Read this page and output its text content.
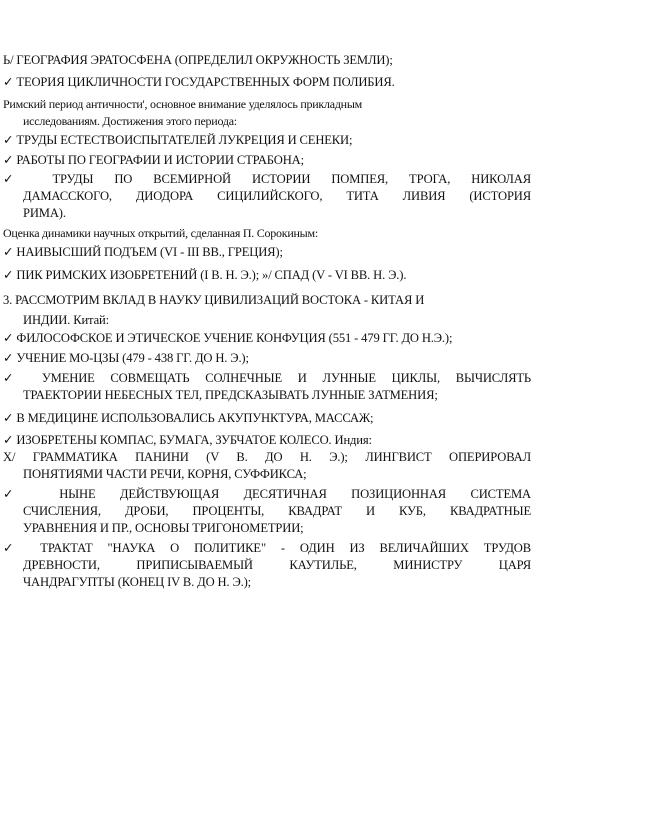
Ь/ ГЕОГРАФИЯ ЭРАТОСФЕНА (ОПРЕДЕЛИЛ ОКРУЖНОСТЬ ЗЕМЛИ);
✓ ТЕОРИЯ ЦИКЛИЧНОСТИ ГОСУДАРСТВЕННЫХ ФОРМ ПОЛИБИЯ.
Римский период античности', основное внимание уделялось прикладным
исследованиям. Достижения этого периода:
✓ ТРУДЫ ЕСТЕСТВОИСПЫТАТЕЛЕЙ ЛУКРЕЦИЯ И СЕНЕКИ;
✓ РАБОТЫ ПО ГЕОГРАФИИ И ИСТОРИИ СТРАБОНА;
✓ ТРУДЫ ПО ВСЕМИРНОЙ ИСТОРИИ ПОМПЕЯ, ТРОГА, НИКОЛАЯ
ДАМАССКОГО, ДИОДОРА СИЦИЛИЙСКОГО, ТИТА ЛИВИЯ (ИСТОРИЯ
РИМА).
Оценка динамики научных открытий, сделанная П. Сорокиным:
✓ НАИВЫСШИЙ ПОДЪЕМ (VI - III ВВ., ГРЕЦИЯ);
✓ ПИК РИМСКИХ ИЗОБРЕТЕНИЙ (I В. Н. Э.); »/ СПАД (V - VI ВВ. Н. Э.).
3. РАССМОТРИМ ВКЛАД В НАУКУ ЦИВИЛИЗАЦИЙ ВОСТОКА - КИТАЯ И
ИНДИИ. Китай:
✓ ФИЛОСОФСКОЕ И ЭТИЧЕСКОЕ УЧЕНИЕ КОНФУЦИЯ (551 - 479 ГГ. ДО Н.Э.);
✓ УЧЕНИЕ МО-ЦЗЫ (479 - 438 ГГ. ДО Н. Э.);
✓ УМЕНИЕ СОВМЕЩАТЬ СОЛНЕЧНЫЕ И ЛУННЫЕ ЦИКЛЫ, ВЫЧИСЛЯТЬ
ТРАЕКТОРИИ НЕБЕСНЫХ ТЕЛ, ПРЕДСКАЗЫВАТЬ ЛУННЫЕ ЗАТМЕНИЯ;
✓ В МЕДИЦИНЕ ИСПОЛЬЗОВАЛИСЬ АКУПУНКТУРА, МАССАЖ;
✓ ИЗОБРЕТЕНЫ КОМПАС, БУМАГА, ЗУБЧАТОЕ КОЛЕСО. Индия:
Х/ ГРАММАТИКА ПАНИНИ (V В. ДО Н. Э.); ЛИНГВИСТ ОПЕРИРОВАЛ
ПОНЯТИЯМИ ЧАСТИ РЕЧИ, КОРНЯ, СУФФИКСА;
✓ НЫНЕ ДЕЙСТВУЮЩАЯ ДЕСЯТИЧНАЯ ПОЗИЦИОННАЯ СИСТЕМА
СЧИСЛЕНИЯ, ДРОБИ, ПРОЦЕНТЫ, КВАДРАТ И КУБ, КВАДРАТНЫЕ
УРАВНЕНИЯ И ПР., ОСНОВЫ ТРИГОНОМЕТРИИ;
✓ ТРАКТАТ "НАУКА О ПОЛИТИКЕ" - ОДИН ИЗ ВЕЛИЧАЙШИХ ТРУДОВ
ДРЕВНОСТИ, ПРИПИСЫВАЕМЫЙ КАУТИЛЬЕ, МИНИСТРУ ЦАРЯ
ЧАНДРАГУПТЫ (КОНЕЦ IV В. ДО Н. Э.);
